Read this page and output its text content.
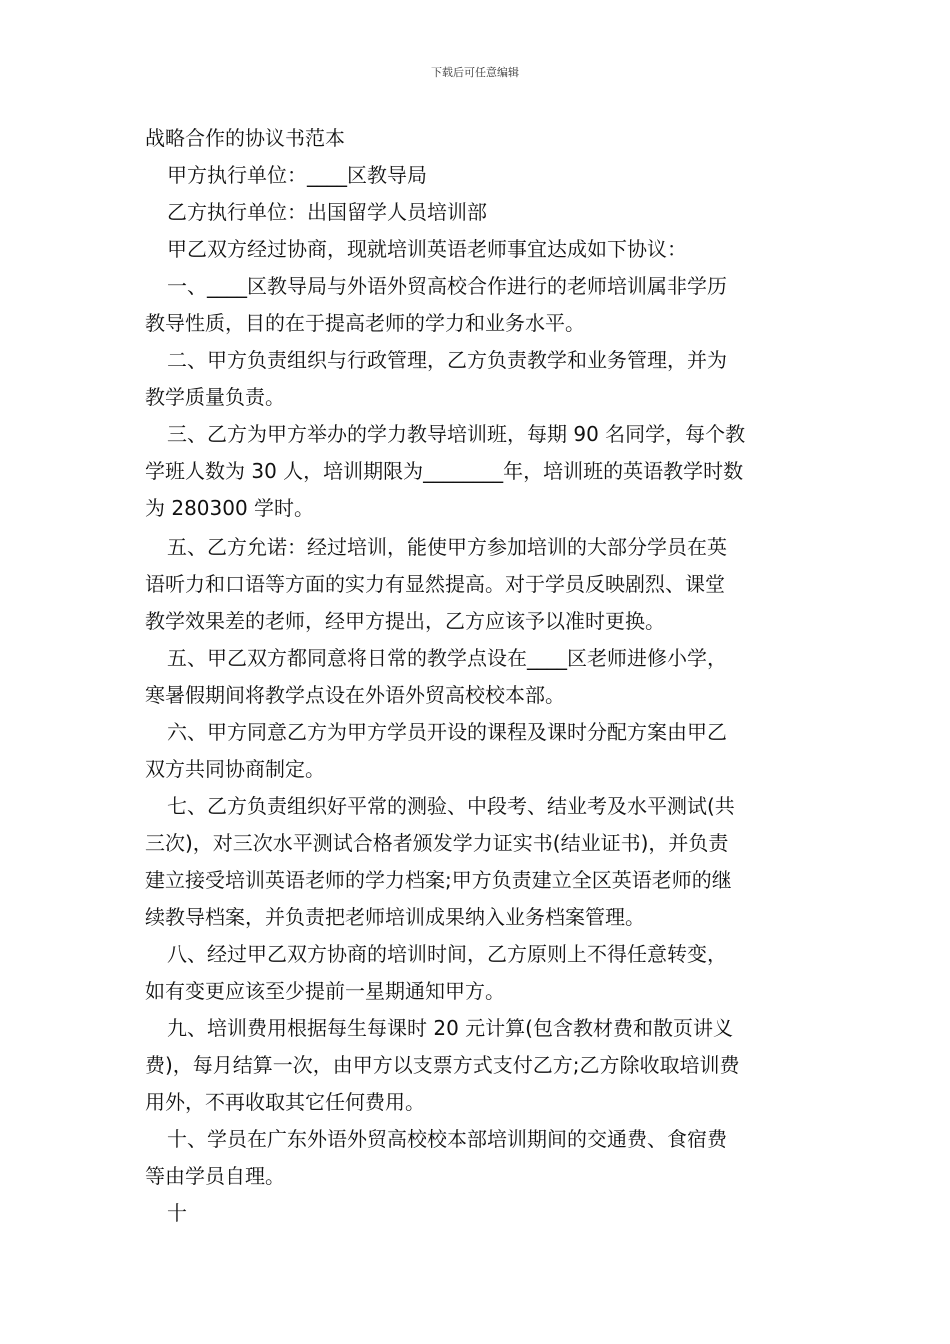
下载后可任意编辑
战略合作的协议书范本
甲方执行单位：____区教导局
乙方执行单位：出国留学人员培训部
甲乙双方经过协商，现就培训英语老师事宜达成如下协议：
一、____区教导局与外语外贸高校合作进行的老师培训属非学历
教导性质，目的在于提高老师的学力和业务水平。
二、甲方负责组织与行政管理，乙方负责教学和业务管理，并为
教学质量负责。
三、乙方为甲方举办的学力教导培训班，每期 90 名同学，每个教
学班人数为 30 人，培训期限为________年，培训班的英语教学时数
为 280300 学时。
五、乙方允诺：经过培训，能使甲方参加培训的大部分学员在英
语听力和口语等方面的实力有显然提高。对于学员反映剧烈、课堂
教学效果差的老师，经甲方提出，乙方应该予以准时更换。
五、甲乙双方都同意将日常的教学点设在____区老师进修小学，
寒暑假期间将教学点设在外语外贸高校校本部。
六、甲方同意乙方为甲方学员开设的课程及课时分配方案由甲乙
双方共同协商制定。
七、乙方负责组织好平常的测验、中段考、结业考及水平测试(共
三次)，对三次水平测试合格者颁发学力证实书(结业证书)，并负责
建立接受培训英语老师的学力档案;甲方负责建立全区英语老师的继
续教导档案，并负责把老师培训成果纳入业务档案管理。
八、经过甲乙双方协商的培训时间，乙方原则上不得任意转变，
如有变更应该至少提前一星期通知甲方。
九、培训费用根据每生每课时 20 元计算(包含教材费和散页讲义
费)，每月结算一次，由甲方以支票方式支付乙方;乙方除收取培训费
用外，不再收取其它任何费用。
十、学员在广东外语外贸高校校本部培训期间的交通费、食宿费
等由学员自理。
十
